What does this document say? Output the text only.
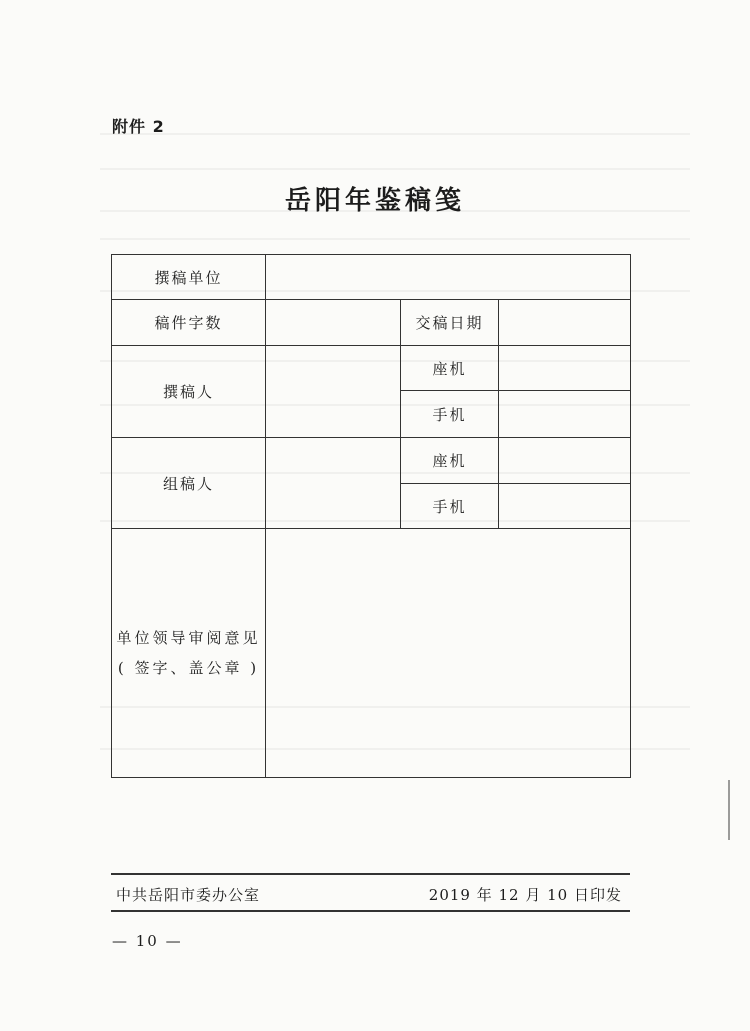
附件 2
岳阳年鉴稿笺
撰稿单位			
稿件字数		交稿日期	
撰稿人		座机	
		手机	
组稿人		座机	
		手机	
单位领导审阅意见( 签字、盖公章 )			
中共岳阳市委办公室	2019 年 12 月 10 日印发
— 10 —
